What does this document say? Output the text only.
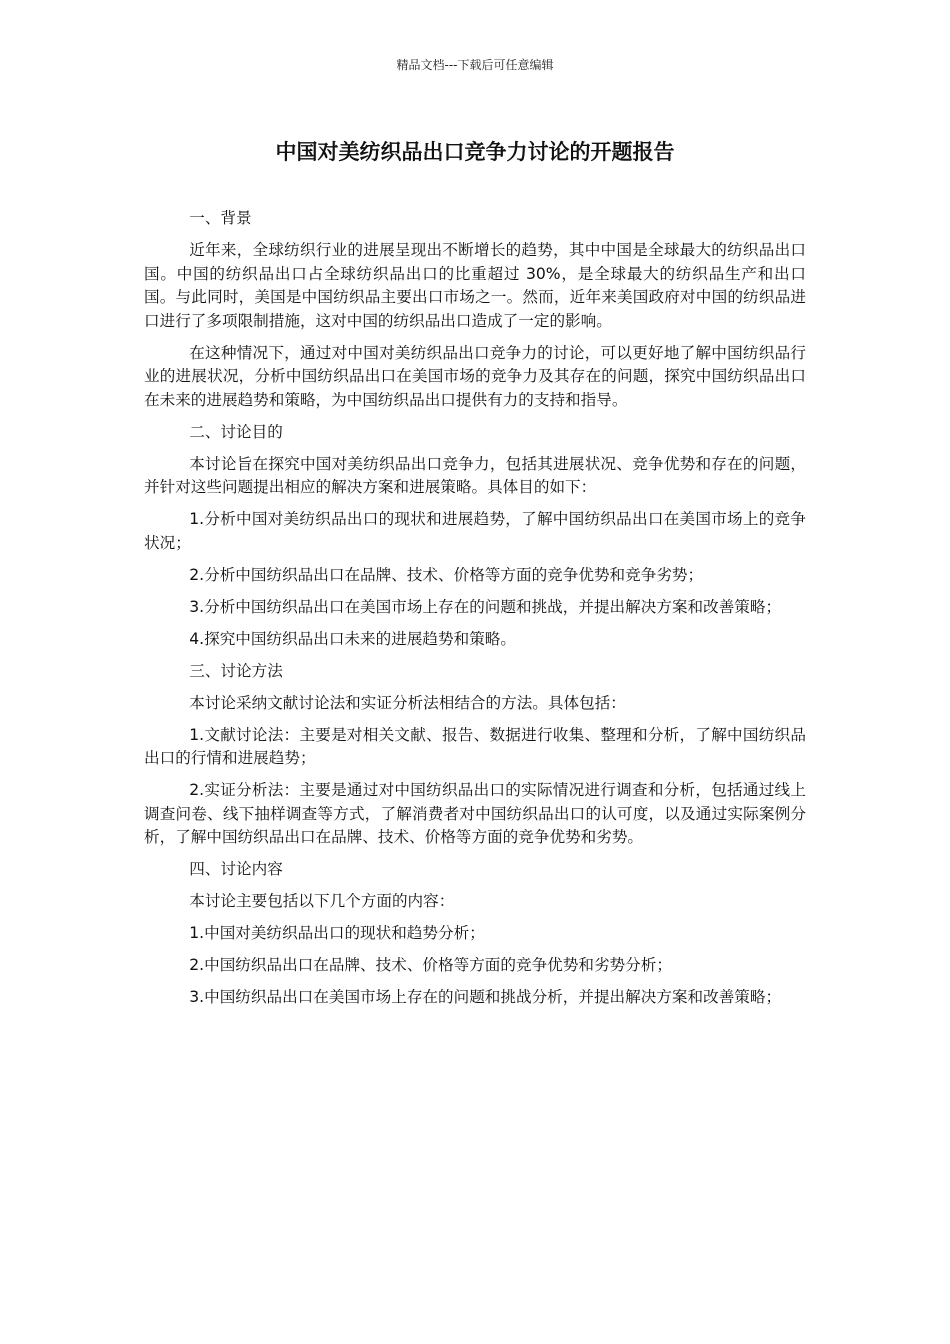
精品文档---下载后可任意编辑
中国对美纺织品出口竞争力讨论的开题报告

一、背景

近年来，全球纺织行业的进展呈现出不断增长的趋势，其中中国是全球最大的纺织品出口国。中国的纺织品出口占全球纺织品出口的比重超过 30%，是全球最大的纺织品生产和出口国。与此同时，美国是中国纺织品主要出口市场之一。然而，近年来美国政府对中国的纺织品进口进行了多项限制措施，这对中国的纺织品出口造成了一定的影响。

在这种情况下，通过对中国对美纺织品出口竞争力的讨论，可以更好地了解中国纺织品行业的进展状况，分析中国纺织品出口在美国市场的竞争力及其存在的问题，探究中国纺织品出口在未来的进展趋势和策略，为中国纺织品出口提供有力的支持和指导。

二、讨论目的

本讨论旨在探究中国对美纺织品出口竞争力，包括其进展状况、竞争优势和存在的问题，并针对这些问题提出相应的解决方案和进展策略。具体目的如下：

1.分析中国对美纺织品出口的现状和进展趋势，了解中国纺织品出口在美国市场上的竞争状况；

2.分析中国纺织品出口在品牌、技术、价格等方面的竞争优势和竞争劣势；

3.分析中国纺织品出口在美国市场上存在的问题和挑战，并提出解决方案和改善策略；

4.探究中国纺织品出口未来的进展趋势和策略。

三、讨论方法

本讨论采纳文献讨论法和实证分析法相结合的方法。具体包括：

1.文献讨论法：主要是对相关文献、报告、数据进行收集、整理和分析，了解中国纺织品出口的行情和进展趋势；

2.实证分析法：主要是通过对中国纺织品出口的实际情况进行调查和分析，包括通过线上调查问卷、线下抽样调查等方式，了解消费者对中国纺织品出口的认可度，以及通过实际案例分析，了解中国纺织品出口在品牌、技术、价格等方面的竞争优势和劣势。

四、讨论内容

本讨论主要包括以下几个方面的内容：

1.中国对美纺织品出口的现状和趋势分析；

2.中国纺织品出口在品牌、技术、价格等方面的竞争优势和劣势分析；

3.中国纺织品出口在美国市场上存在的问题和挑战分析，并提出解决方案和改善策略；
